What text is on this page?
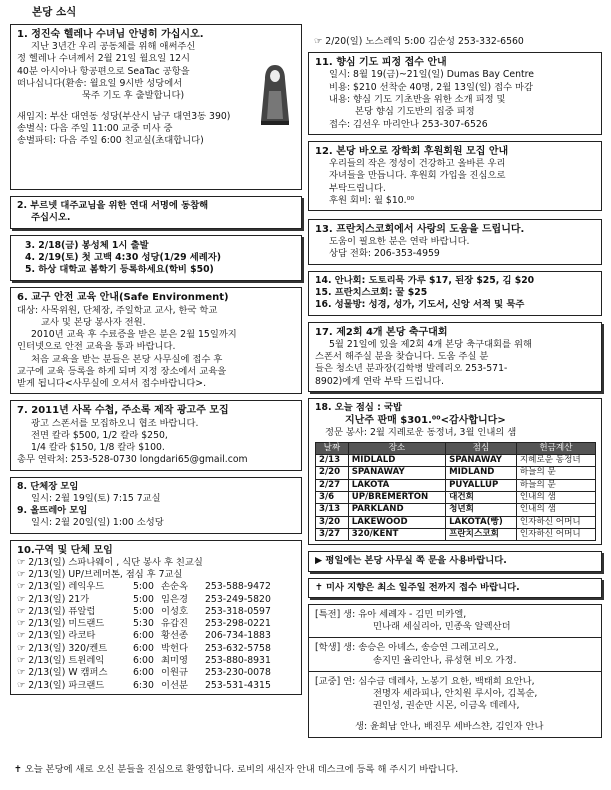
본당 소식
1. 정진숙 헬레나 수녀님 안녕히 가십시오.
지난 3년간 우리 공동체를 위해 애써주신
정 헬레나 수녀께서 2월 21일 월요일 12시
40분 아시아나 항공편으로 SeaTac 공항을
떠나십니다(환송: 월요일 9시반 성당에서
묵주 기도 후 출발합니다)
새임지: 부산 대연동 성당(부산시 남구 대연3동 390)
송별식: 다음 주일 11:00 교중 미사 중
송별파티: 다음 주일 6:00 친교실(초대합니다)
2. 부르넷 대주교님을 위한 연대 서명에 동참해
주십시오.
3. 2/18(금) 봉성체 1시 출발
4. 2/19(토) 첫 고백 4:30 성당(1/29 세례자)
5. 하상 대학교 봄학기 등록하세요(학비 $50)
6. 교구 안전 교육 안내(Safe Environment)
대상: 사목위원, 단체장, 주일학교 교사, 한국 학교
교사 및 본당 봉사자 전원.
2010년 교육 후 수료증을 받은 분은 2월 15일까지
인터넷으로 안전 교육을 통과 바랍니다.
처음 교육을 받는 분들은 본당 사무실에 접수 후
교구에 교육 등록을 하게 되며 지정 장소에서 교육을
받게 됩니다<사무실에 오셔서 접수바랍니다>.
7. 2011년 사목 수첩, 주소록 제작 광고주 모집
광고 스폰서를 모집하오니 협조 바랍니다.
전면 칼라 $500, 1/2 칼라 $250,
1/4 칼라 $150, 1/8 칼라 $100.
총무 연락처: 253-528-0730 longdari65@gmail.com
8. 단체장 모임
일시: 2월 19일(토) 7:15 7교실
9. 올뜨레아 모임
일시: 2월 20일(일) 1:00 소성당
10.구역 및 단체 모임
☞ 2/13(일) 스파나웨이 , 식단 봉사 후 친교실
☞ 2/13(일) UP/브레머톤, 점심 후 7교실
☞ 2/13(일) 레익우드	5:00 손순옥	253-588-9472
☞ 2/13(일) 21가	5:00 임은경	253-249-5820
☞ 2/13(일) 퓨알럽	5:00 이성호	253-318-0597
☞ 2/13(일) 미드랜드	5:30 유갑진	253-298-0221
☞ 2/13(일) 라코타	6:00 황선종	206-734-1883
☞ 2/13(일) 320/켄트	6:00 박헌다	253-632-5758
☞ 2/13(일) 트윈레익	6:00 최미영	253-880-8931
☞ 2/13(일) W 캠퍼스	6:00 이원규	253-230-0078
☞ 2/13(일) 파크랜드	6:30 이선분	253-531-4315
☞ 2/20(일) 노스레익 5:00 김순성 253-332-6560
11. 향심 기도 피정 접수 안내
일시: 8월 19(금)~21일(일) Dumas Bay Centre
비용: $210 선착순 40명, 2월 13일(일) 접수 마감
내용: 향심 기도 기초반을 위한 소개 피정 및
본당 향심 기도반의 집중 피정
접수: 김선우 마리안나 253-307-6526
12. 본당 바오로 장학회 후원회원 모집 안내
우리들의 작은 정성이 건강하고 올바른 우리
자녀들을 만듭니다. 후원회 가입을 진심으로
부탁드립니다.
후원 회비: 월 $10.⁰⁰
13. 프란치스코회에서 사랑의 도움을 드립니다.
도움이 필요한 분은 연락 바랍니다.
상담 전화: 206-353-4959
14. 안나회: 도토리묵 가루 $17, 된장 $25, 김 $20
15. 프란치스코회: 꿀 $25
16. 성물방: 성경, 성가, 기도서, 신앙 서적 및 묵주
17. 제2회 4개 본당 축구대회
5월 21일에 있을 제2회 4개 본당 축구대회를 위해
스폰서 해주실 분을 찾습니다. 도움 주실 분
들은 청소년 분과장(김학병 발레리오 253-571-
8902)에게 연락 부탁 드립니다.
18. 오늘 점심 : 국밥
지난주 판매 $301.⁰⁰<감사합니다>
정문 봉사: 2월 지례로운 동정녀, 3월 인내의 샘
날짜	장소	점심	헌금계산
2/13	MIDLALD	SPANAWAY	지혜로운 동정녀
2/20	SPANAWAY	MIDLAND	하늘의 문
2/27	LAKOTA	PUYALLUP	하늘의 문
3/6	UP/BREMERTON	대건회	인내의 샘
3/13	PARKLAND	청년회	인내의 샘
3/20	LAKEWOOD	LAKOTA(빵)	인자하신 어머니
3/27	320/KENT	프란치스코회	인자하신 어머니
▶ 평일에는 본당 사무실 쪽 문을 사용바랍니다.
✝ 미사 지향은 최소 일주일 전까지 접수 바랍니다.
[특전] 생: 유아 세례자 - 김민 미카엘,
민나래 세실리아, 민종욱 알렉산더
[학생] 생: 송승은 아녜스, 송승연 그레고리오,
송지민 율리안나, 류성현 비오 가정.
[교중] 연: 심수금 데레사, 노봉기 요한, 백태희 요안나,
전명자 세라피나, 안치원 루시아, 김복순,
권인성, 권순만 시몬, 이금옥 데레사,
생: 윤희남 안나, 배진무 세바스챤, 김인자 안나
✝ 오늘 본당에 새로 오신 분들을 진심으로 환영합니다. 로비의 새신자 안내 데스크에 등록 해 주시기 바랍니다.
